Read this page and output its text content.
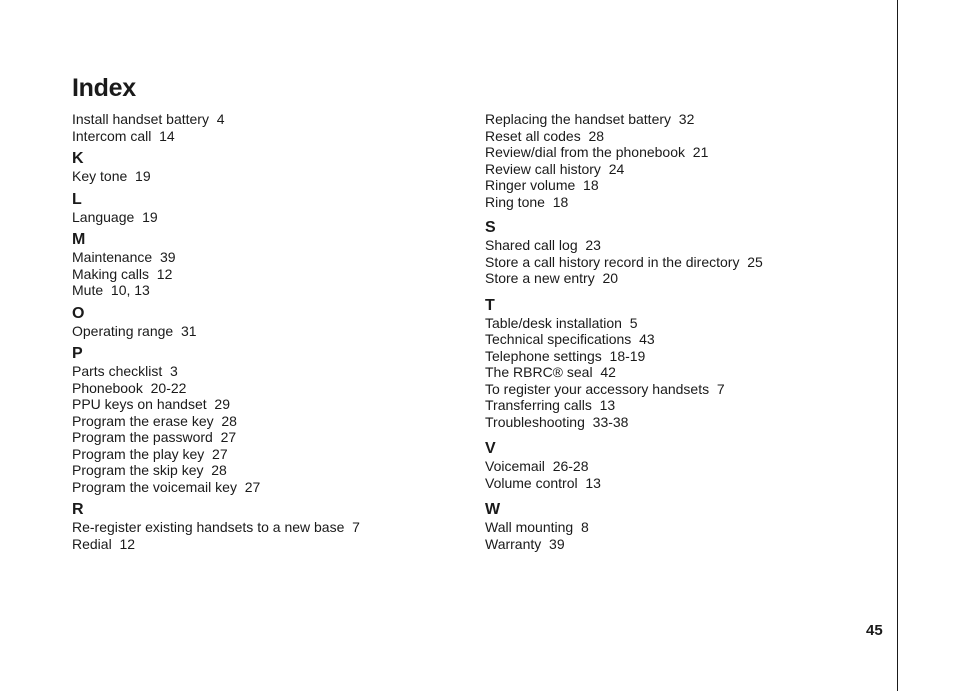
Index
Install handset battery  4
Intercom call  14
K
Key tone  19
L
Language  19
M
Maintenance  39
Making calls  12
Mute  10, 13
O
Operating range  31
P
Parts checklist  3
Phonebook  20-22
PPU keys on handset  29
Program the erase key  28
Program the password  27
Program the play key  27
Program the skip key  28
Program the voicemail key  27
R
Re-register existing handsets to a new base  7
Redial  12
Replacing the handset battery  32
Reset all codes  28
Review/dial from the phonebook  21
Review call history  24
Ringer volume  18
Ring tone  18
S
Shared call log  23
Store a call history record in the directory  25
Store a new entry  20
T
Table/desk installation  5
Technical specifications  43
Telephone settings  18-19
The RBRC® seal  42
To register your accessory handsets  7
Transferring calls  13
Troubleshooting  33-38
V
Voicemail  26-28
Volume control  13
W
Wall mounting  8
Warranty  39
45
